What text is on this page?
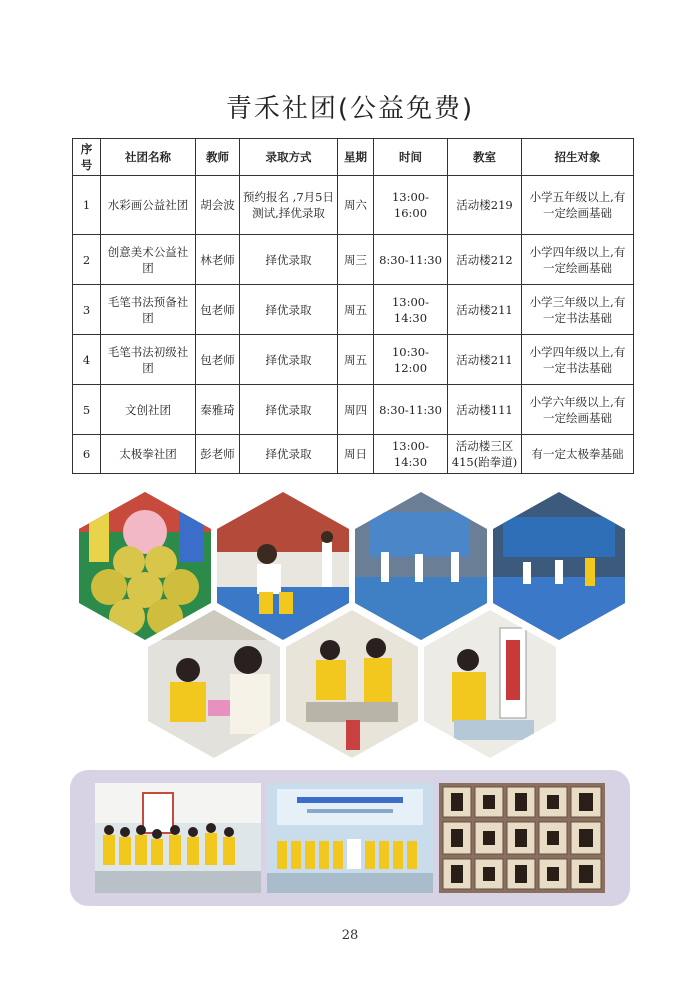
青禾社团(公益免费)
序号	社团名称	教师	录取方式	星期	时间	教室	招生对象
1	水彩画公益社团	胡会波	预约报名 ,7月5日测试,择优录取	周六	13:00-16:00	活动楼219	小学五年级以上,有一定绘画基础
2	创意美术公益社团	林老师	择优录取	周三	8:30-11:30	活动楼212	小学四年级以上,有一定绘画基础
3	毛笔书法预备社团	包老师	择优录取	周五	13:00-14:30	活动楼211	小学三年级以上,有一定书法基础
4	毛笔书法初级社团	包老师	择优录取	周五	10:30-12:00	活动楼211	小学四年级以上,有一定书法基础
5	文创社团	秦雅琦	择优录取	周四	8:30-11:30	活动楼111	小学六年级以上,有一定绘画基础
6	太极拳社团	彭老师	择优录取	周日	13:00-14:30	活动楼三区415(跆拳道)	有一定太极拳基础
28
